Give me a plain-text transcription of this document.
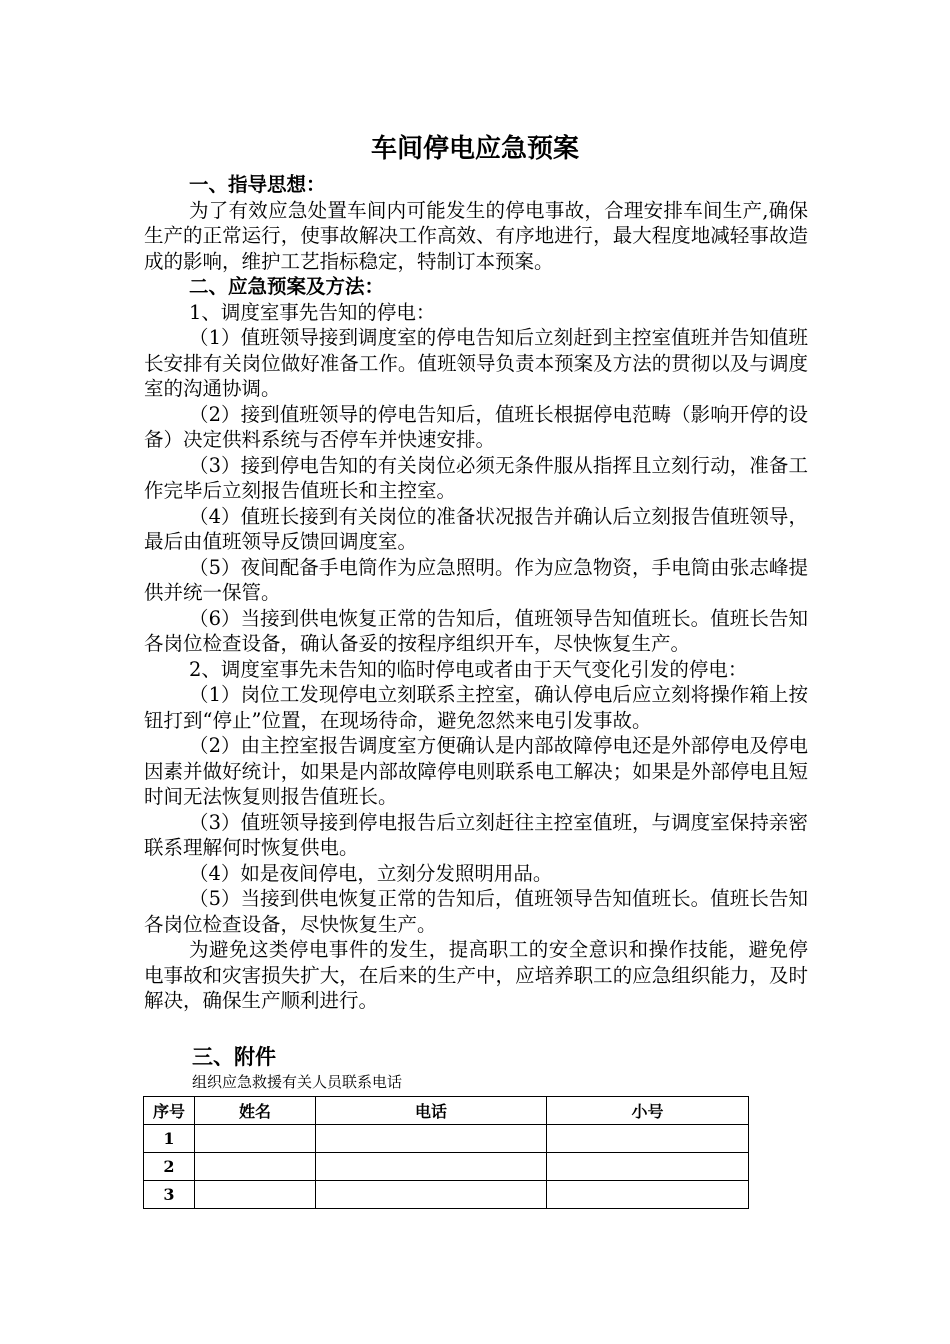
车间停电应急预案

一、指导思想：

为了有效应急处置车间内可能发生的停电事故，合理安排车间生产,确保生产的正常运行，使事故解决工作高效、有序地进行，最大程度地减轻事故造成的影响，维护工艺指标稳定，特制订本预案。

二、应急预案及方法：

1、调度室事先告知的停电：

（1）值班领导接到调度室的停电告知后立刻赶到主控室值班并告知值班长安排有关岗位做好准备工作。值班领导负责本预案及方法的贯彻以及与调度室的沟通协调。

（2）接到值班领导的停电告知后，值班长根据停电范畴（影响开停的设备）决定供料系统与否停车并快速安排。

（3）接到停电告知的有关岗位必须无条件服从指挥且立刻行动，准备工作完毕后立刻报告值班长和主控室。

（4）值班长接到有关岗位的准备状况报告并确认后立刻报告值班领导，最后由值班领导反馈回调度室。

（5）夜间配备手电筒作为应急照明。作为应急物资，手电筒由张志峰提供并统一保管。

（6）当接到供电恢复正常的告知后，值班领导告知值班长。值班长告知各岗位检查设备，确认备妥的按程序组织开车，尽快恢复生产。

2、调度室事先未告知的临时停电或者由于天气变化引发的停电：

（1）岗位工发现停电立刻联系主控室，确认停电后应立刻将操作箱上按钮打到“停止”位置，在现场待命，避免忽然来电引发事故。

（2）由主控室报告调度室方便确认是内部故障停电还是外部停电及停电因素并做好统计，如果是内部故障停电则联系电工解决；如果是外部停电且短时间无法恢复则报告值班长。

（3）值班领导接到停电报告后立刻赶往主控室值班，与调度室保持亲密联系理解何时恢复供电。

（4）如是夜间停电，立刻分发照明用品。

（5）当接到供电恢复正常的告知后，值班领导告知值班长。值班长告知各岗位检查设备，尽快恢复生产。

为避免这类停电事件的发生，提高职工的安全意识和操作技能，避免停电事故和灾害损失扩大，在后来的生产中，应培养职工的应急组织能力，及时解决，确保生产顺利进行。

三、附件

组织应急救援有关人员联系电话

序号	姓名	电话	小号
1			
2			
3			
